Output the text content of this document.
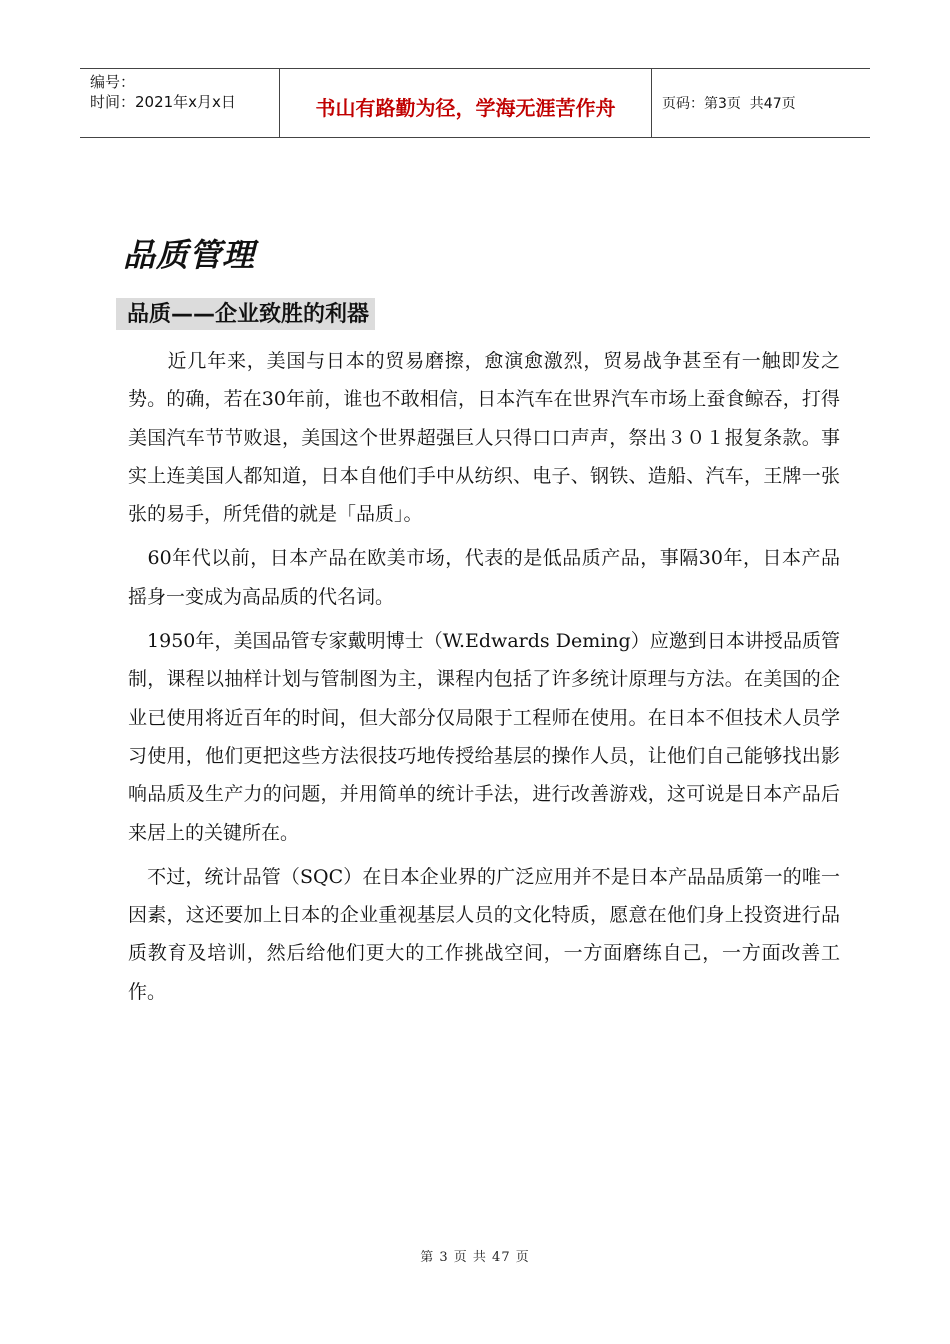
编号：
时间：2021年x月x日	书山有路勤为径，学海无涯苦作舟	页码：第3页  共47页
品质管理
品质——企业致胜的利器

　　近几年来，美国与日本的贸易磨擦，愈演愈激烈，贸易战争甚至有一触即发之势。的确，若在30年前，谁也不敢相信，日本汽车在世界汽车市场上蚕食鲸吞，打得美国汽车节节败退，美国这个世界超强巨人只得口口声声，祭出３０１报复条款。事实上连美国人都知道，日本自他们手中从纺织、电子、钢铁、造船、汽车，王牌一张张的易手，所凭借的就是「品质」。

　60年代以前，日本产品在欧美市场，代表的是低品质产品，事隔30年，日本产品摇身一变成为高品质的代名词。

　1950年，美国品管专家戴明博士（W.Edwards Deming）应邀到日本讲授品质管制，课程以抽样计划与管制图为主，课程内包括了许多统计原理与方法。在美国的企业已使用将近百年的时间，但大部分仅局限于工程师在使用。在日本不但技术人员学习使用，他们更把这些方法很技巧地传授给基层的操作人员，让他们自己能够找出影响品质及生产力的问题，并用简单的统计手法，进行改善游戏，这可说是日本产品后来居上的关键所在。

　不过，统计品管（SQC）在日本企业界的广泛应用并不是日本产品品质第一的唯一因素，这还要加上日本的企业重视基层人员的文化特质，愿意在他们身上投资进行品质教育及培训，然后给他们更大的工作挑战空间，一方面磨练自己，一方面改善工作。

第 3 页 共 47 页
